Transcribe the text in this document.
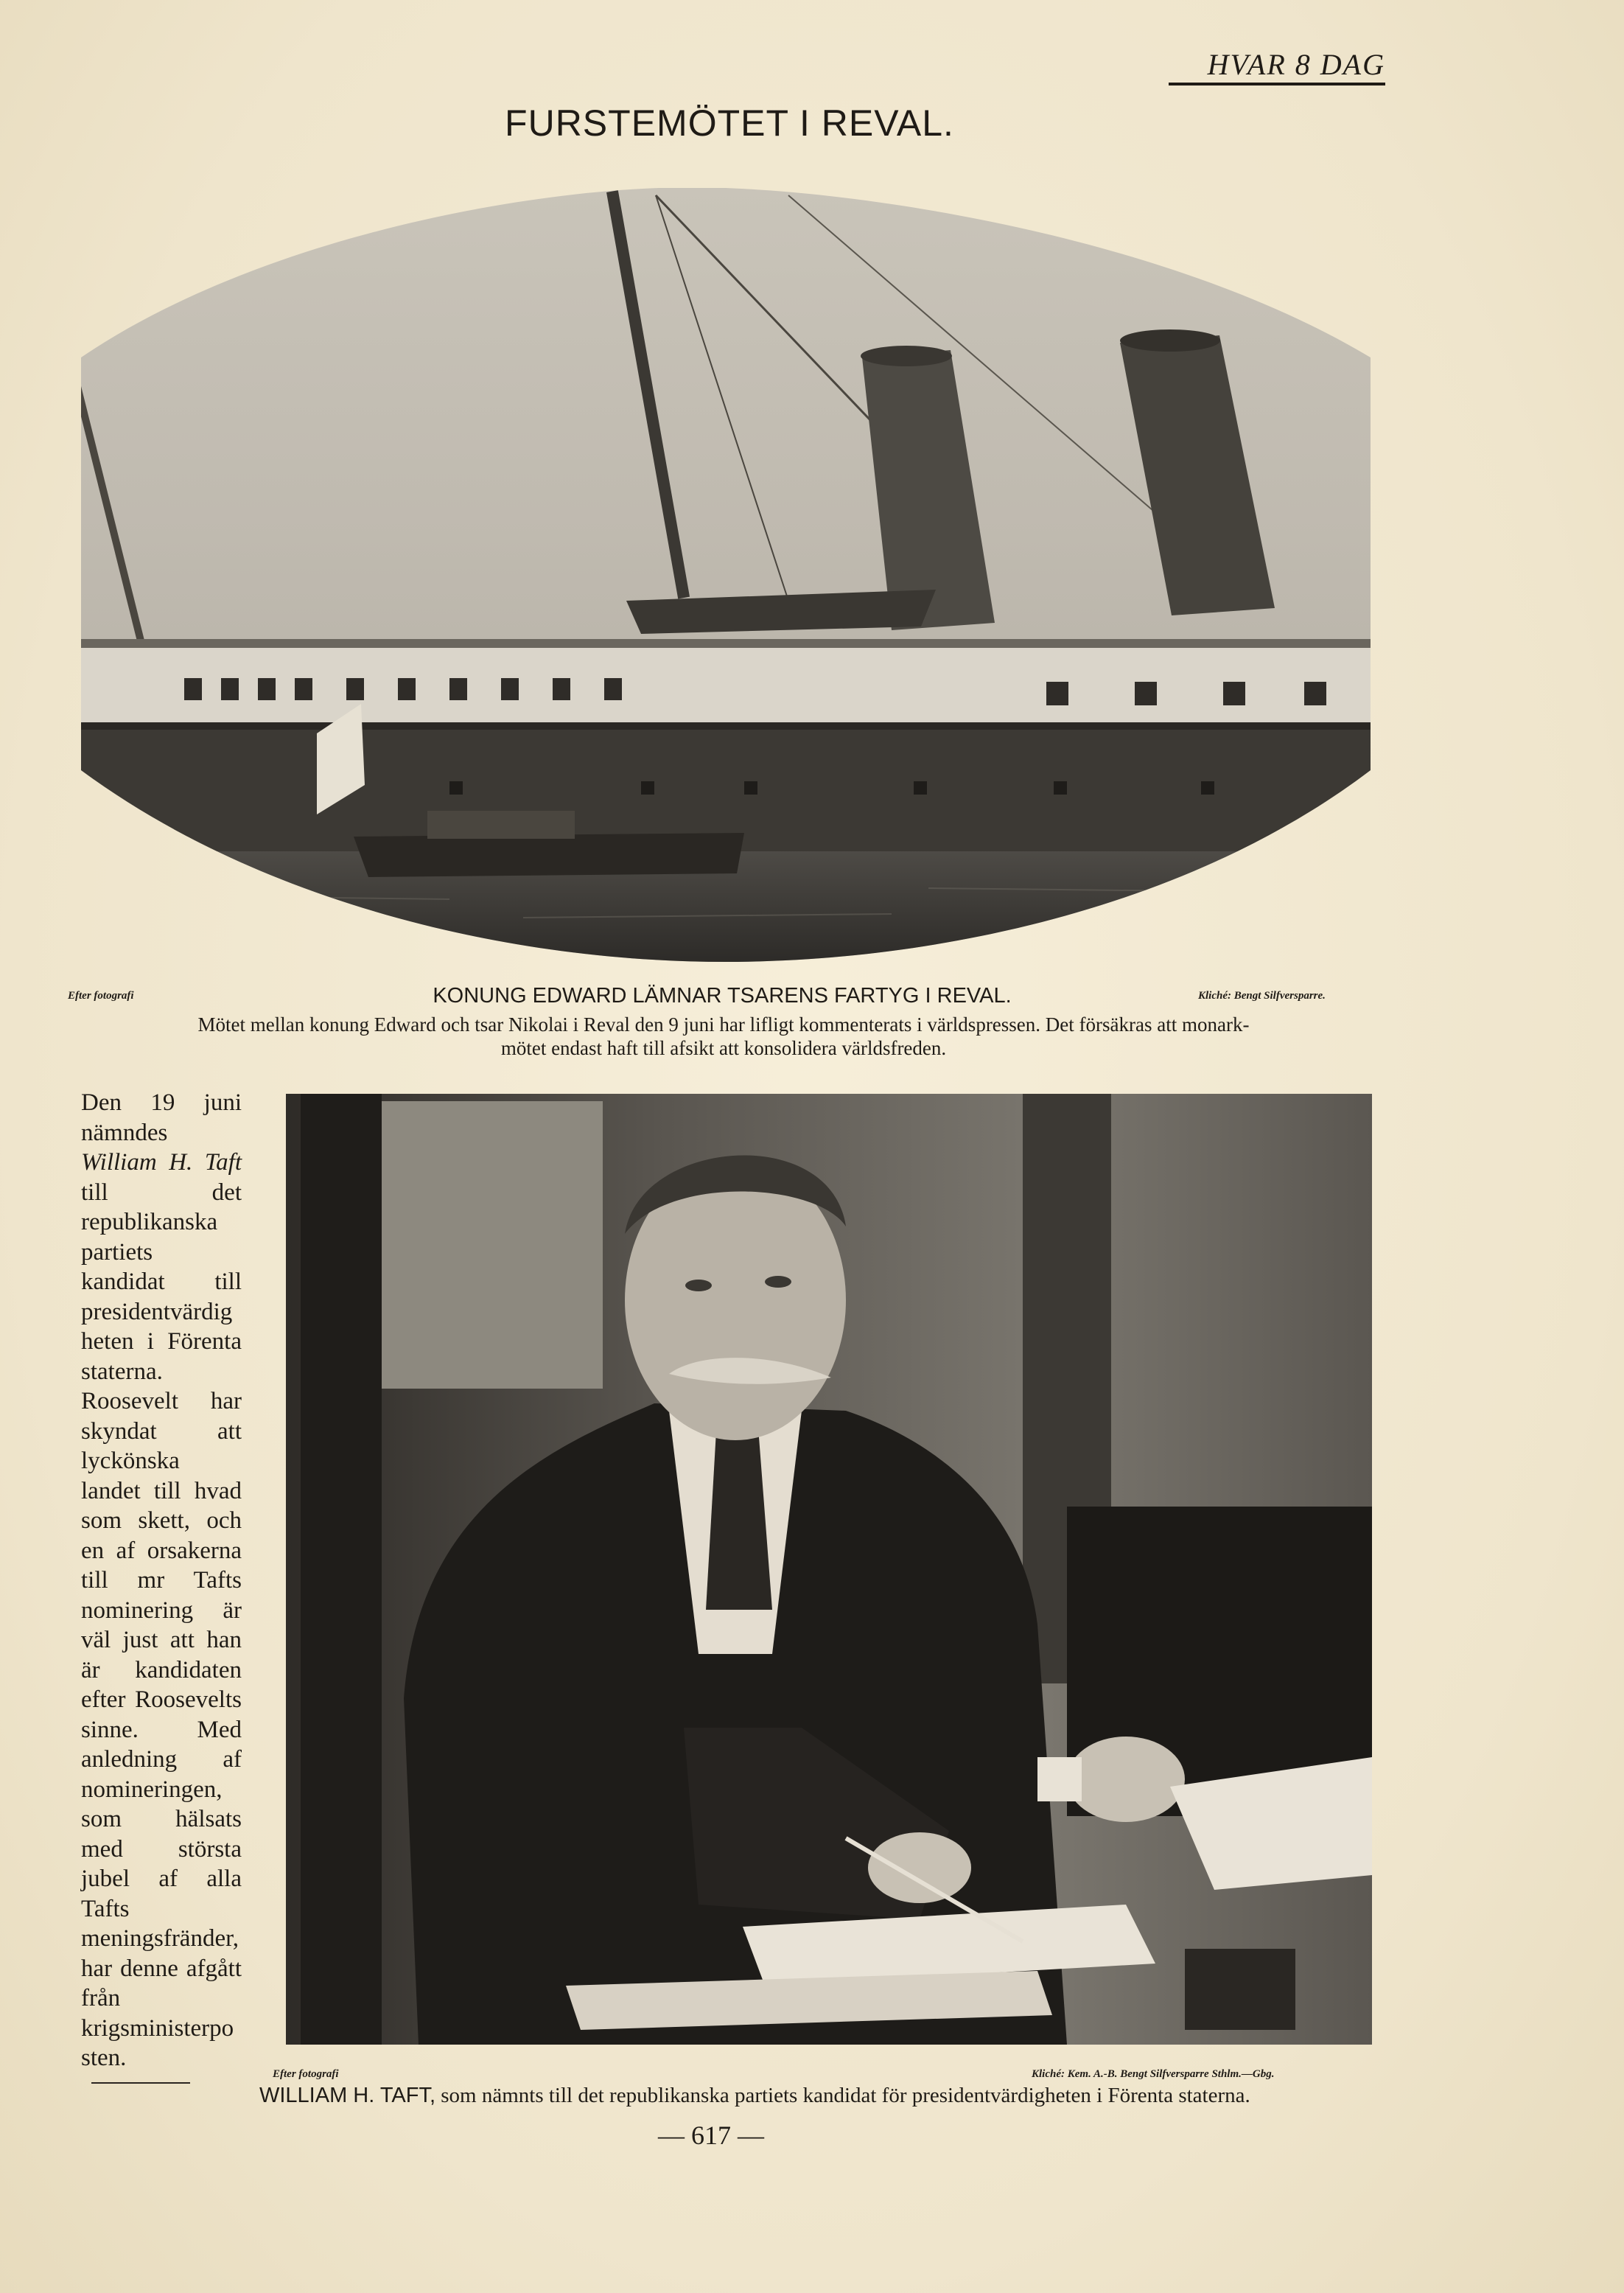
HVAR 8 DAG
FURSTEMÖTET I REVAL.
Efter fotografi	Kliché: Bengt Silfversparre.
KONUNG EDWARD LÄMNAR TSARENS FARTYG I REVAL.
Mötet mellan konung Edward och tsar Nikolai i Reval den 9 juni har lifligt kommenterats i världspressen. Det försäkras att monark-
mötet endast haft till afsikt att konsolidera världsfreden.
Den 19 juni nämndes William H. Taft till det republikanska partiets kandidat till presidentvärdigheten i Förenta staterna. Roosevelt har skyndat att lyckönska landet till hvad som skett, och en af orsakerna till mr Tafts nominering är väl just att han är kandidaten efter Roosevelts sinne. Med anledning af nomineringen, som hälsats med största jubel af alla Tafts meningsfränder, har denne afgått från krigsministerposten.
Efter fotografi	Kliché: Kem. A.-B. Bengt Silfversparre Sthlm.—Gbg.
WILLIAM H. TAFT, som nämnts till det republikanska partiets kandidat för presidentvärdigheten i Förenta staterna.
— 617 —
